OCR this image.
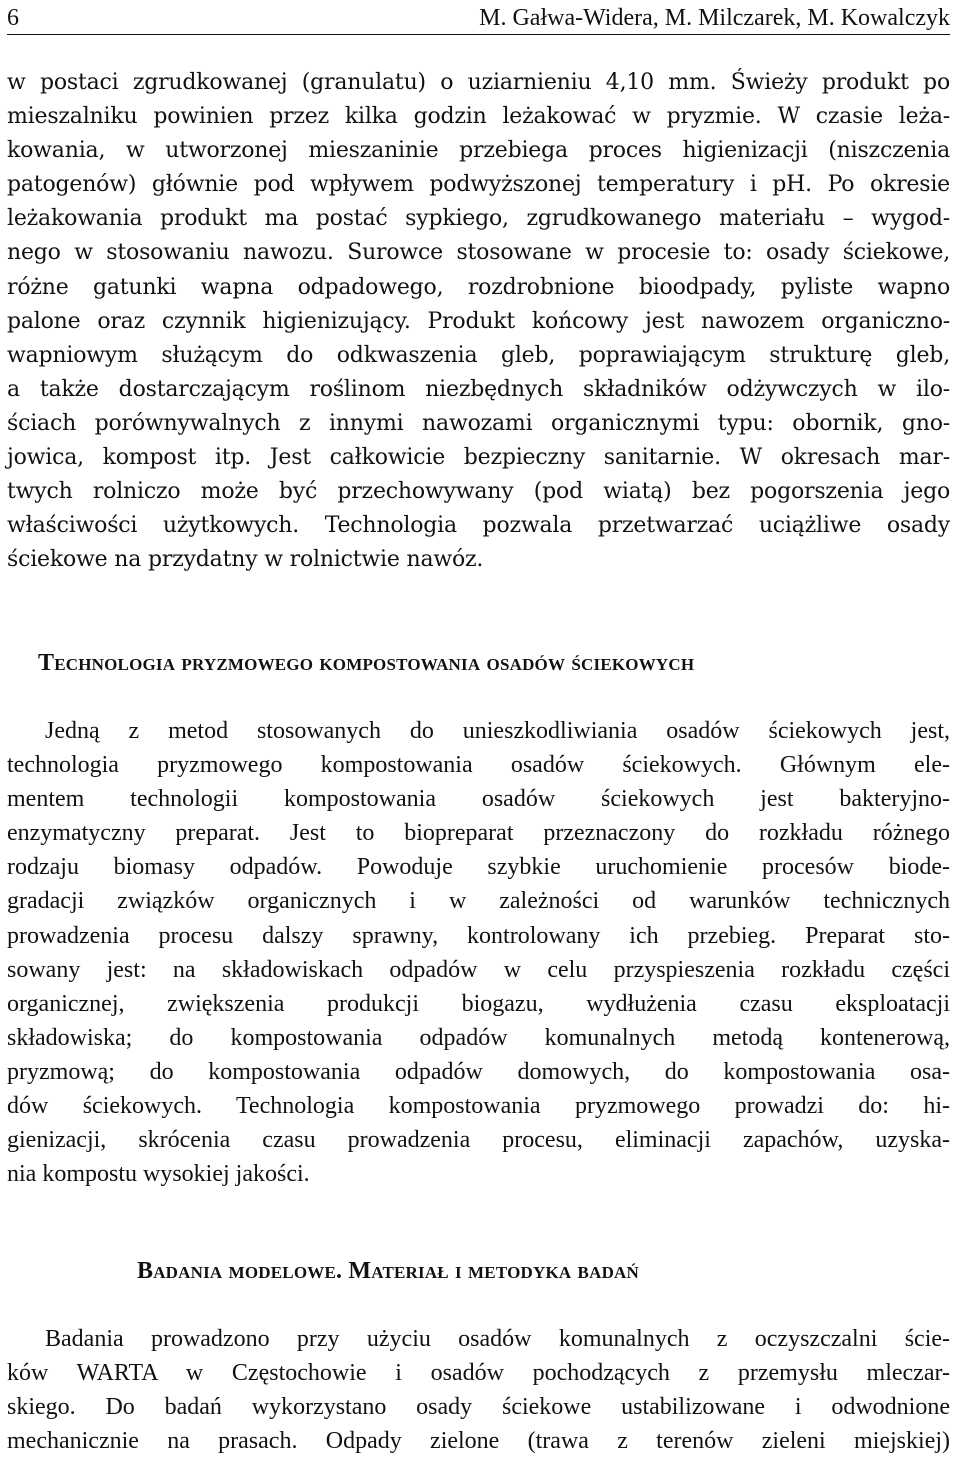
6	M. Gałwa-Widera, M. Milczarek, M. Kowalczyk
w postaci zgrudkowanej (granulatu) o uziarnieniu 4,10 mm. Świeży produkt po
mieszalniku powinien przez kilka godzin leżakować w pryzmie. W czasie leża-
kowania, w utworzonej mieszaninie przebiega proces higienizacji (niszczenia
patogenów) głównie pod wpływem podwyższonej temperatury i pH. Po okresie
leżakowania produkt ma postać sypkiego, zgrudkowanego materiału – wygod-
nego w stosowaniu nawozu. Surowce stosowane w procesie to: osady ściekowe,
różne gatunki wapna odpadowego, rozdrobnione bioodpady, pyliste wapno
palone oraz czynnik higienizujący. Produkt końcowy jest nawozem organiczno-
wapniowym służącym do odkwaszenia gleb, poprawiającym strukturę gleb,
a także dostarczającym roślinom niezbędnych składników odżywczych w ilo-
ściach porównywalnych z innymi nawozami organicznymi typu: obornik, gno-
jowica, kompost itp. Jest całkowicie bezpieczny sanitarnie. W okresach mar-
twych rolniczo może być przechowywany (pod wiatą) bez pogorszenia jego
właściwości użytkowych. Technologia pozwala przetwarzać uciążliwe osady
ściekowe na przydatny w rolnictwie nawóz.
Technologia pryzmowego kompostowania osadów ściekowych
Jedną z metod stosowanych do unieszkodliwiania osadów ściekowych jest,
technologia pryzmowego kompostowania osadów ściekowych. Głównym ele-
mentem technologii kompostowania osadów ściekowych jest bakteryjno-
enzymatyczny preparat. Jest to biopreparat przeznaczony do rozkładu różnego
rodzaju biomasy odpadów. Powoduje szybkie uruchomienie procesów biode-
gradacji związków organicznych i w zależności od warunków technicznych
prowadzenia procesu dalszy sprawny, kontrolowany ich przebieg. Preparat sto-
sowany jest: na składowiskach odpadów w celu przyspieszenia rozkładu części
organicznej, zwiększenia produkcji biogazu, wydłużenia czasu eksploatacji
składowiska; do kompostowania odpadów komunalnych metodą kontenerową,
pryzmową; do kompostowania odpadów domowych, do kompostowania osa-
dów ściekowych. Technologia kompostowania pryzmowego prowadzi do: hi-
gienizacji, skrócenia czasu prowadzenia procesu, eliminacji zapachów, uzyska-
nia kompostu wysokiej jakości.
Badania modelowe. Materiał i metodyka badań
Badania prowadzono przy użyciu osadów komunalnych z oczyszczalni ście-
ków WARTA w Częstochowie i osadów pochodzących z przemysłu mleczar-
skiego. Do badań wykorzystano osady ściekowe ustabilizowane i odwodnione
mechanicznie na prasach. Odpady zielone (trawa z terenów zieleni miejskiej)
